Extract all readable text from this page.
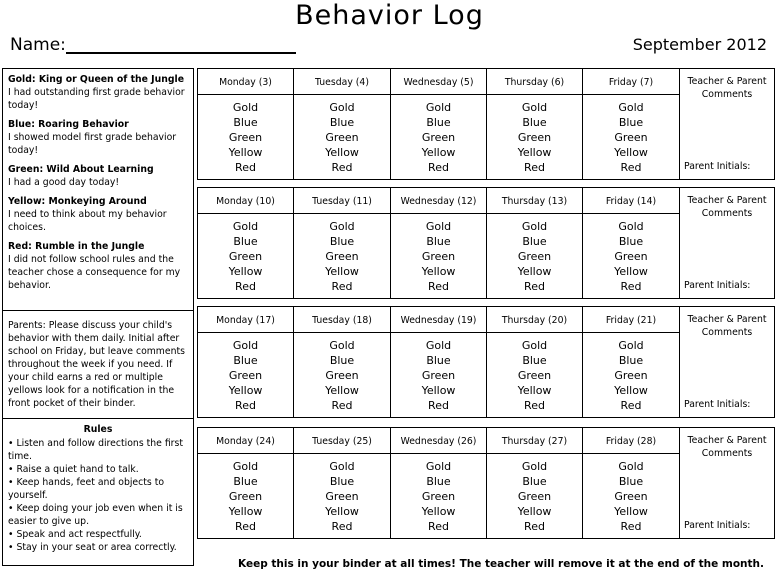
Behavior Log
Name:	September 2012
Gold: King or Queen of the Jungle
I had outstanding first grade behavior today!
Blue: Roaring Behavior
I showed model first grade behavior today!
Green: Wild About Learning
I had a good day today!
Yellow: Monkeying Around
I need to think about my behavior choices.
Red: Rumble in the Jungle
I did not follow school rules and the teacher chose a consequence for my behavior.
Parents: Please discuss your child's behavior with them daily. Initial after school on Friday, but leave comments throughout the week if you need. If your child earns a red or multiple yellows look for a notification in the front pocket of their binder.
Rules
• Listen and follow directions the first time.
• Raise a quiet hand to talk.
• Keep hands, feet and objects to yourself.
• Keep doing your job even when it is easier to give up.
• Speak and act respectfully.
• Stay in your seat or area correctly.
Monday (3)
Gold
Blue
Green
Yellow
Red
Tuesday (4)
Gold
Blue
Green
Yellow
Red
Wednesday (5)
Gold
Blue
Green
Yellow
Red
Thursday (6)
Gold
Blue
Green
Yellow
Red
Friday (7)
Gold
Blue
Green
Yellow
Red
Teacher & Parent Comments
Parent Initials:
Monday (10)
Gold
Blue
Green
Yellow
Red
Tuesday (11)
Gold
Blue
Green
Yellow
Red
Wednesday (12)
Gold
Blue
Green
Yellow
Red
Thursday (13)
Gold
Blue
Green
Yellow
Red
Friday (14)
Gold
Blue
Green
Yellow
Red
Teacher & Parent Comments
Parent Initials:
Monday (17)
Gold
Blue
Green
Yellow
Red
Tuesday (18)
Gold
Blue
Green
Yellow
Red
Wednesday (19)
Gold
Blue
Green
Yellow
Red
Thursday (20)
Gold
Blue
Green
Yellow
Red
Friday (21)
Gold
Blue
Green
Yellow
Red
Teacher & Parent Comments
Parent Initials:
Monday (24)
Gold
Blue
Green
Yellow
Red
Tuesday (25)
Gold
Blue
Green
Yellow
Red
Wednesday (26)
Gold
Blue
Green
Yellow
Red
Thursday (27)
Gold
Blue
Green
Yellow
Red
Friday (28)
Gold
Blue
Green
Yellow
Red
Teacher & Parent Comments
Parent Initials:
Keep this in your binder at all times! The teacher will remove it at the end of the month.
